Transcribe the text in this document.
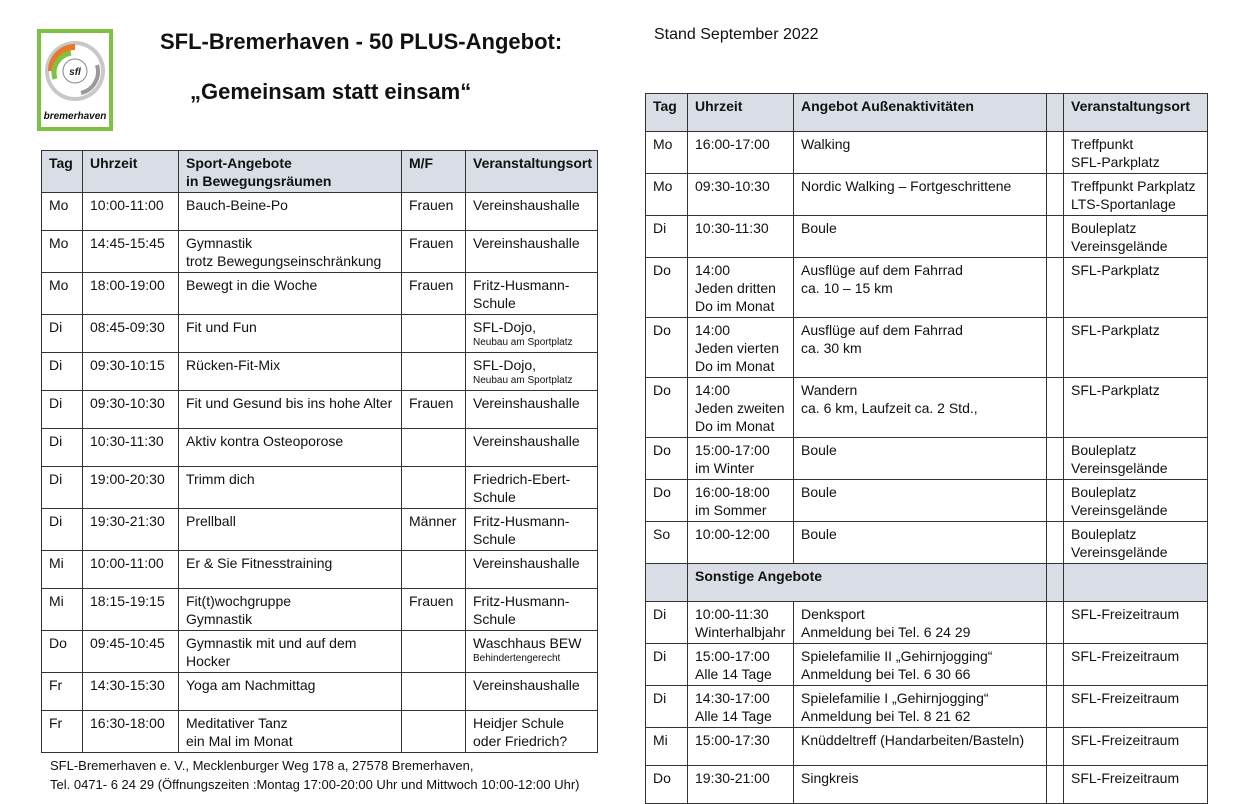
sfl
bremerhaven
SFL-Bremerhaven - 50 PLUS-Angebot:
„Gemeinsam statt einsam“
Stand September 2022
Tag	Uhrzeit	Sport-Angebote
in Bewegungsräumen	M/F	Veranstaltungsort
Mo	10:00-11:00	Bauch-Beine-Po	Frauen	Vereinshaushalle

Mo	14:45-15:45	Gymnastik
trotz Bewegungseinschränkung	Frauen	Vereinshaushalle

Mo	18:00-19:00	Bewegt in die Woche	Frauen	Fritz-Husmann-
Schule

Di	08:45-09:30	Fit und Fun		SFL-Dojo,
Neubau am Sportplatz

Di	09:30-10:15	Rücken-Fit-Mix		SFL-Dojo,
Neubau am Sportplatz

Di	09:30-10:30	Fit und Gesund bis ins hohe Alter	Frauen	Vereinshaushalle

Di	10:30-11:30	Aktiv kontra Osteoporose		Vereinshaushalle

Di	19:00-20:30	Trimm dich		Friedrich-Ebert-
Schule

Di	19:30-21:30	Prellball	Männer	Fritz-Husmann-
Schule

Mi	10:00-11:00	Er & Sie Fitnesstraining		Vereinshaushalle

Mi	18:15-19:15	Fit(t)wochgruppe
Gymnastik	Frauen	Fritz-Husmann-
Schule

Do	09:45-10:45	Gymnastik mit und auf dem
Hocker		Waschhaus BEW
Behindertengerecht

Fr	14:30-15:30	Yoga am Nachmittag		Vereinshaushalle

Fr	16:30-18:00	Meditativer Tanz
ein Mal im Monat		Heidjer Schule
oder Friedrich?
Tag	Uhrzeit	Angebot Außenaktivitäten		Veranstaltungsort
Mo	16:00-17:00	Walking		Treffpunkt
SFL-Parkplatz

Mo	09:30-10:30	Nordic Walking – Fortgeschrittene		Treffpunkt Parkplatz
LTS-Sportanlage

Di	10:30-11:30	Boule		Bouleplatz
Vereinsgelände

Do	14:00
Jeden dritten
Do im Monat	Ausflüge auf dem Fahrrad
ca. 10 – 15 km		SFL-Parkplatz

Do	14:00
Jeden vierten
Do im Monat	Ausflüge auf dem Fahrrad
ca. 30 km		SFL-Parkplatz

Do	14:00
Jeden zweiten
Do im Monat	Wandern
ca. 6 km, Laufzeit ca. 2 Std.,		SFL-Parkplatz

Do	15:00-17:00
im Winter	Boule		Bouleplatz
Vereinsgelände

Do	16:00-18:00
im Sommer	Boule		Bouleplatz
Vereinsgelände

So	10:00-12:00	Boule		Bouleplatz
Vereinsgelände

	Sonstige Angebote			
Di	10:00-11:30
Winterhalbjahr	Denksport
Anmeldung bei Tel. 6 24 29		SFL-Freizeitraum

Di	15:00-17:00
Alle 14 Tage	Spielefamilie II „Gehirnjogging“
Anmeldung bei Tel. 6 30 66		SFL-Freizeitraum

Di	14:30-17:00
Alle 14 Tage	Spielefamilie I „Gehirnjogging“
Anmeldung bei Tel. 8 21 62		SFL-Freizeitraum

Mi	15:00-17:30	Knüddeltreff (Handarbeiten/Basteln)		SFL-Freizeitraum

Do	19:30-21:00	Singkreis		SFL-Freizeitraum
SFL-Bremerhaven e. V., Mecklenburger Weg 178 a, 27578 Bremerhaven,
Tel. 0471- 6 24 29 (Öffnungszeiten :Montag 17:00-20:00 Uhr und Mittwoch 10:00-12:00 Uhr)
